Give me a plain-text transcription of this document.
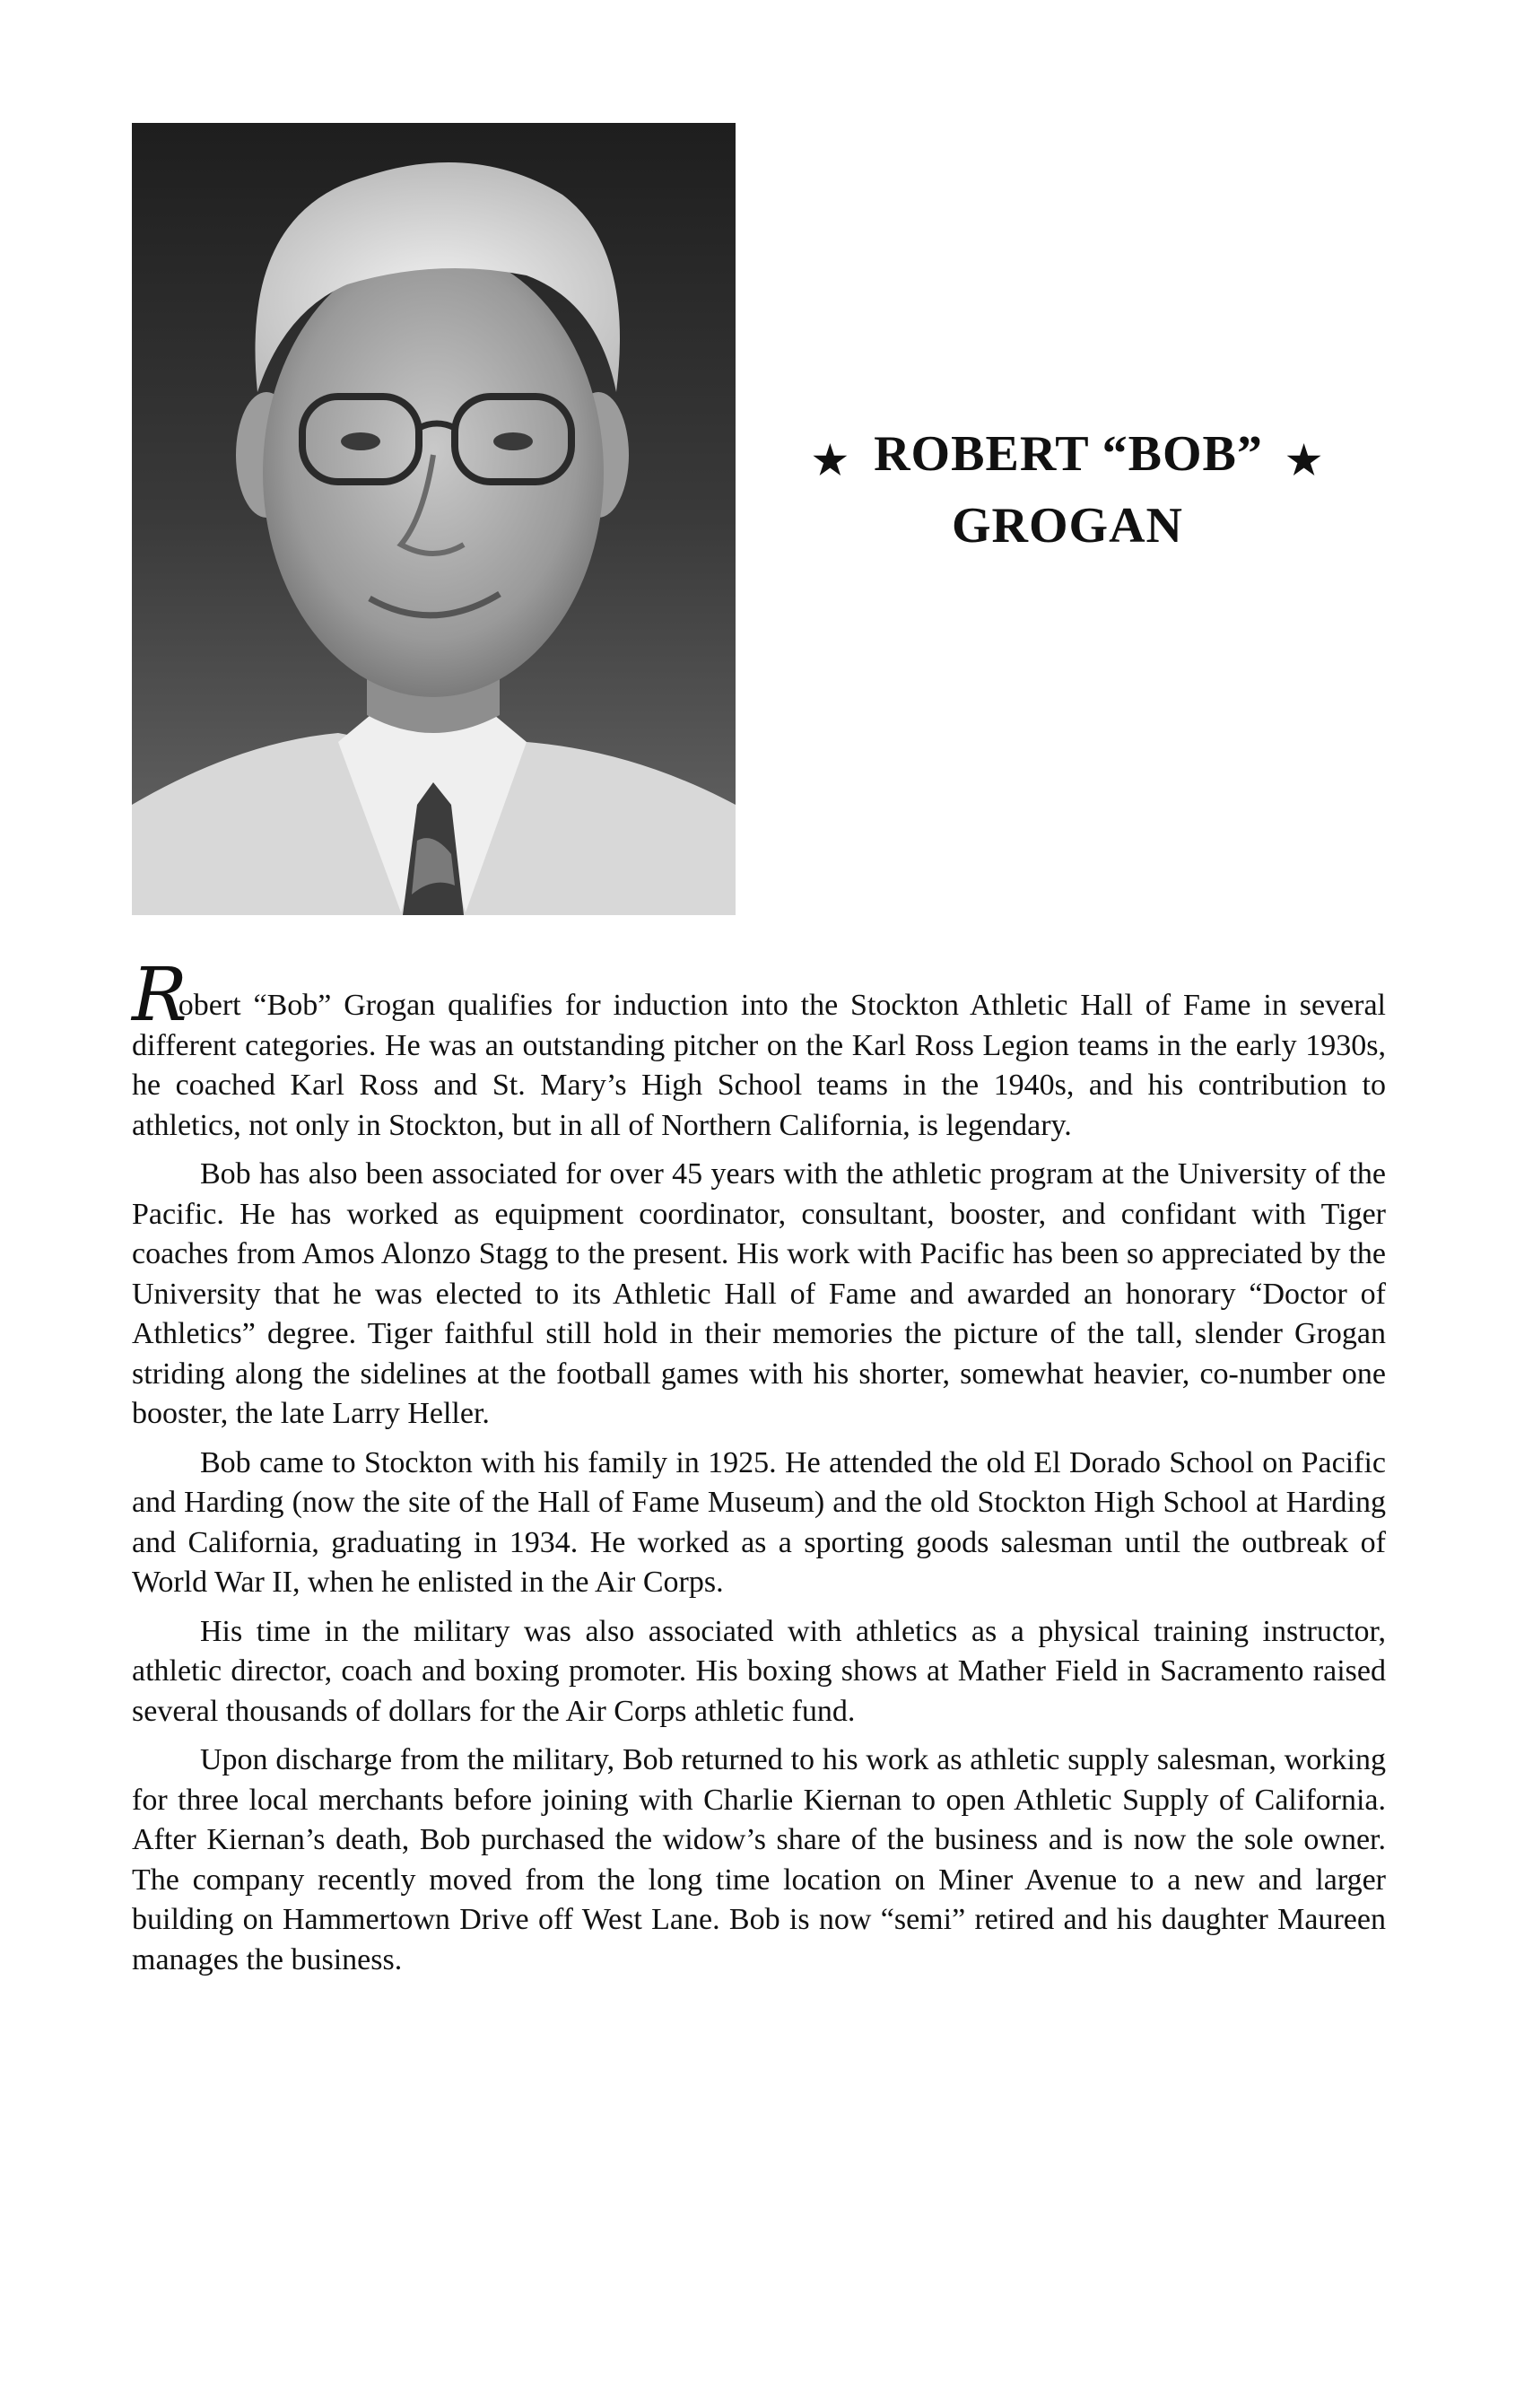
★ ROBERT “BOB” ★
GROGAN

Robert “Bob” Grogan qualifies for induction into the Stockton Athletic Hall of Fame in several different categories. He was an outstanding pitcher on the Karl Ross Legion teams in the early 1930s, he coached Karl Ross and St. Mary’s High School teams in the 1940s, and his contribution to athletics, not only in Stockton, but in all of Northern California, is legendary.

Bob has also been associated for over 45 years with the athletic program at the University of the Pacific. He has worked as equipment coordinator, consultant, booster, and confidant with Tiger coaches from Amos Alonzo Stagg to the present. His work with Pacific has been so appreciated by the University that he was elected to its Athletic Hall of Fame and awarded an honorary “Doctor of Athletics” degree. Tiger faithful still hold in their memories the picture of the tall, slender Grogan striding along the sidelines at the football games with his shorter, somewhat heavier, co-number one booster, the late Larry Heller.

Bob came to Stockton with his family in 1925. He attended the old El Dorado School on Pacific and Harding (now the site of the Hall of Fame Museum) and the old Stockton High School at Harding and California, graduating in 1934. He worked as a sporting goods salesman until the outbreak of World War II, when he enlisted in the Air Corps.

His time in the military was also associated with athletics as a physical training instructor, athletic director, coach and boxing promoter. His boxing shows at Mather Field in Sacramento raised several thousands of dollars for the Air Corps athletic fund.

Upon discharge from the military, Bob returned to his work as athletic supply salesman, working for three local merchants before joining with Charlie Kiernan to open Athletic Supply of California. After Kiernan’s death, Bob purchased the widow’s share of the business and is now the sole owner. The company recently moved from the long time location on Miner Avenue to a new and larger building on Hammertown Drive off West Lane. Bob is now “semi” retired and his daughter Maureen manages the business.
